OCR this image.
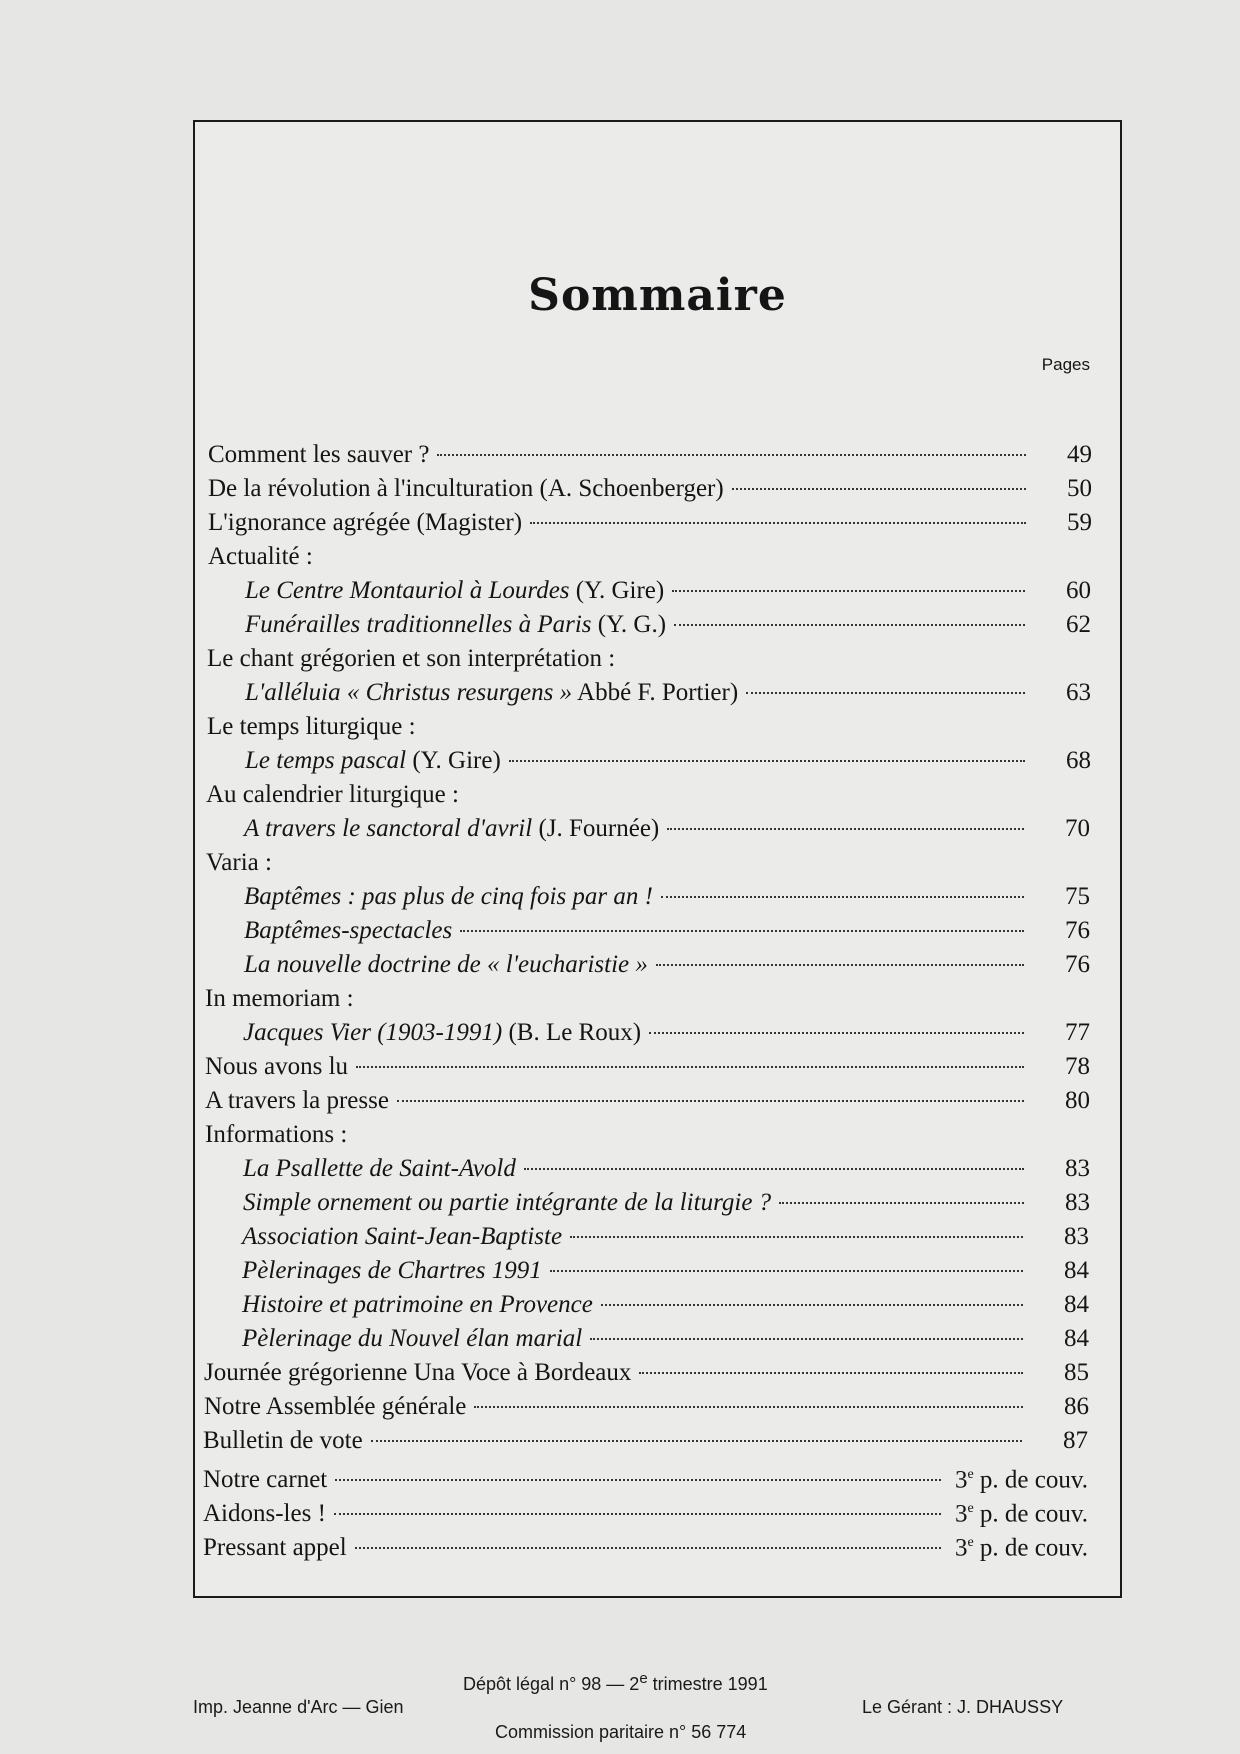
Sommaire
Pages
Comment les sauver ?	49
De la révolution à l'inculturation (A. Schoenberger)	50
L'ignorance agrégée (Magister)	59
Actualité :
Le Centre Montauriol à Lourdes (Y. Gire)	60
Funérailles traditionnelles à Paris (Y. G.)	62
Le chant grégorien et son interprétation :
L'alléluia « Christus resurgens » Abbé F. Portier)	63
Le temps liturgique :
Le temps pascal (Y. Gire)	68
Au calendrier liturgique :
A travers le sanctoral d'avril (J. Fournée)	70
Varia :
Baptêmes : pas plus de cinq fois par an !	75
Baptêmes-spectacles	76
La nouvelle doctrine de « l'eucharistie »	76
In memoriam :
Jacques Vier (1903-1991) (B. Le Roux)	77
Nous avons lu	78
A travers la presse	80
Informations :
La Psallette de Saint-Avold	83
Simple ornement ou partie intégrante de la liturgie ?	83
Association Saint-Jean-Baptiste	83
Pèlerinages de Chartres 1991	84
Histoire et patrimoine en Provence	84
Pèlerinage du Nouvel élan marial	84
Journée grégorienne Una Voce à Bordeaux	85
Notre Assemblée générale	86
Bulletin de vote	87
Notre carnet	3e p. de couv.
Aidons-les !	3e p. de couv.
Pressant appel	3e p. de couv.
Dépôt légal n° 98 — 2e trimestre 1991
Imp. Jeanne d'Arc — Gien	Le Gérant : J. DHAUSSY
Commission paritaire n° 56 774
